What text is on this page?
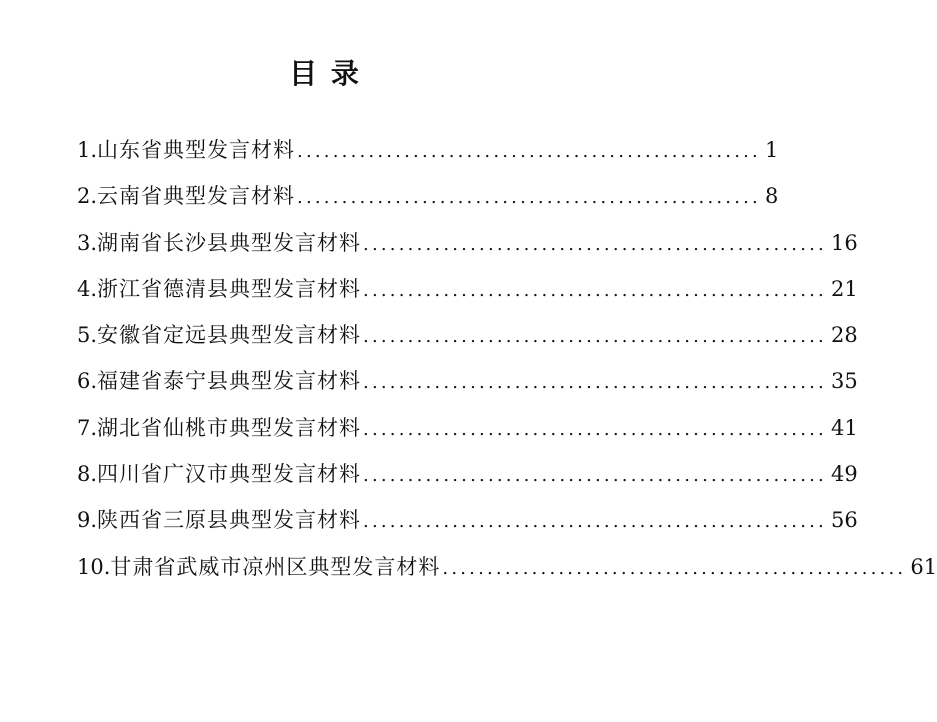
目 录
1. 山东省典型发言材料 .................................................... 1
2. 云南省典型发言材料 .................................................... 8
3. 湖南省长沙县典型发言材料 .................................................... 16
4. 浙江省德清县典型发言材料 .................................................... 21
5. 安徽省定远县典型发言材料 .................................................... 28
6. 福建省泰宁县典型发言材料 .................................................... 35
7. 湖北省仙桃市典型发言材料 .................................................... 41
8. 四川省广汉市典型发言材料 .................................................... 49
9. 陕西省三原县典型发言材料 .................................................... 56
10. 甘肃省武威市凉州区典型发言材料 .................................................... 61
